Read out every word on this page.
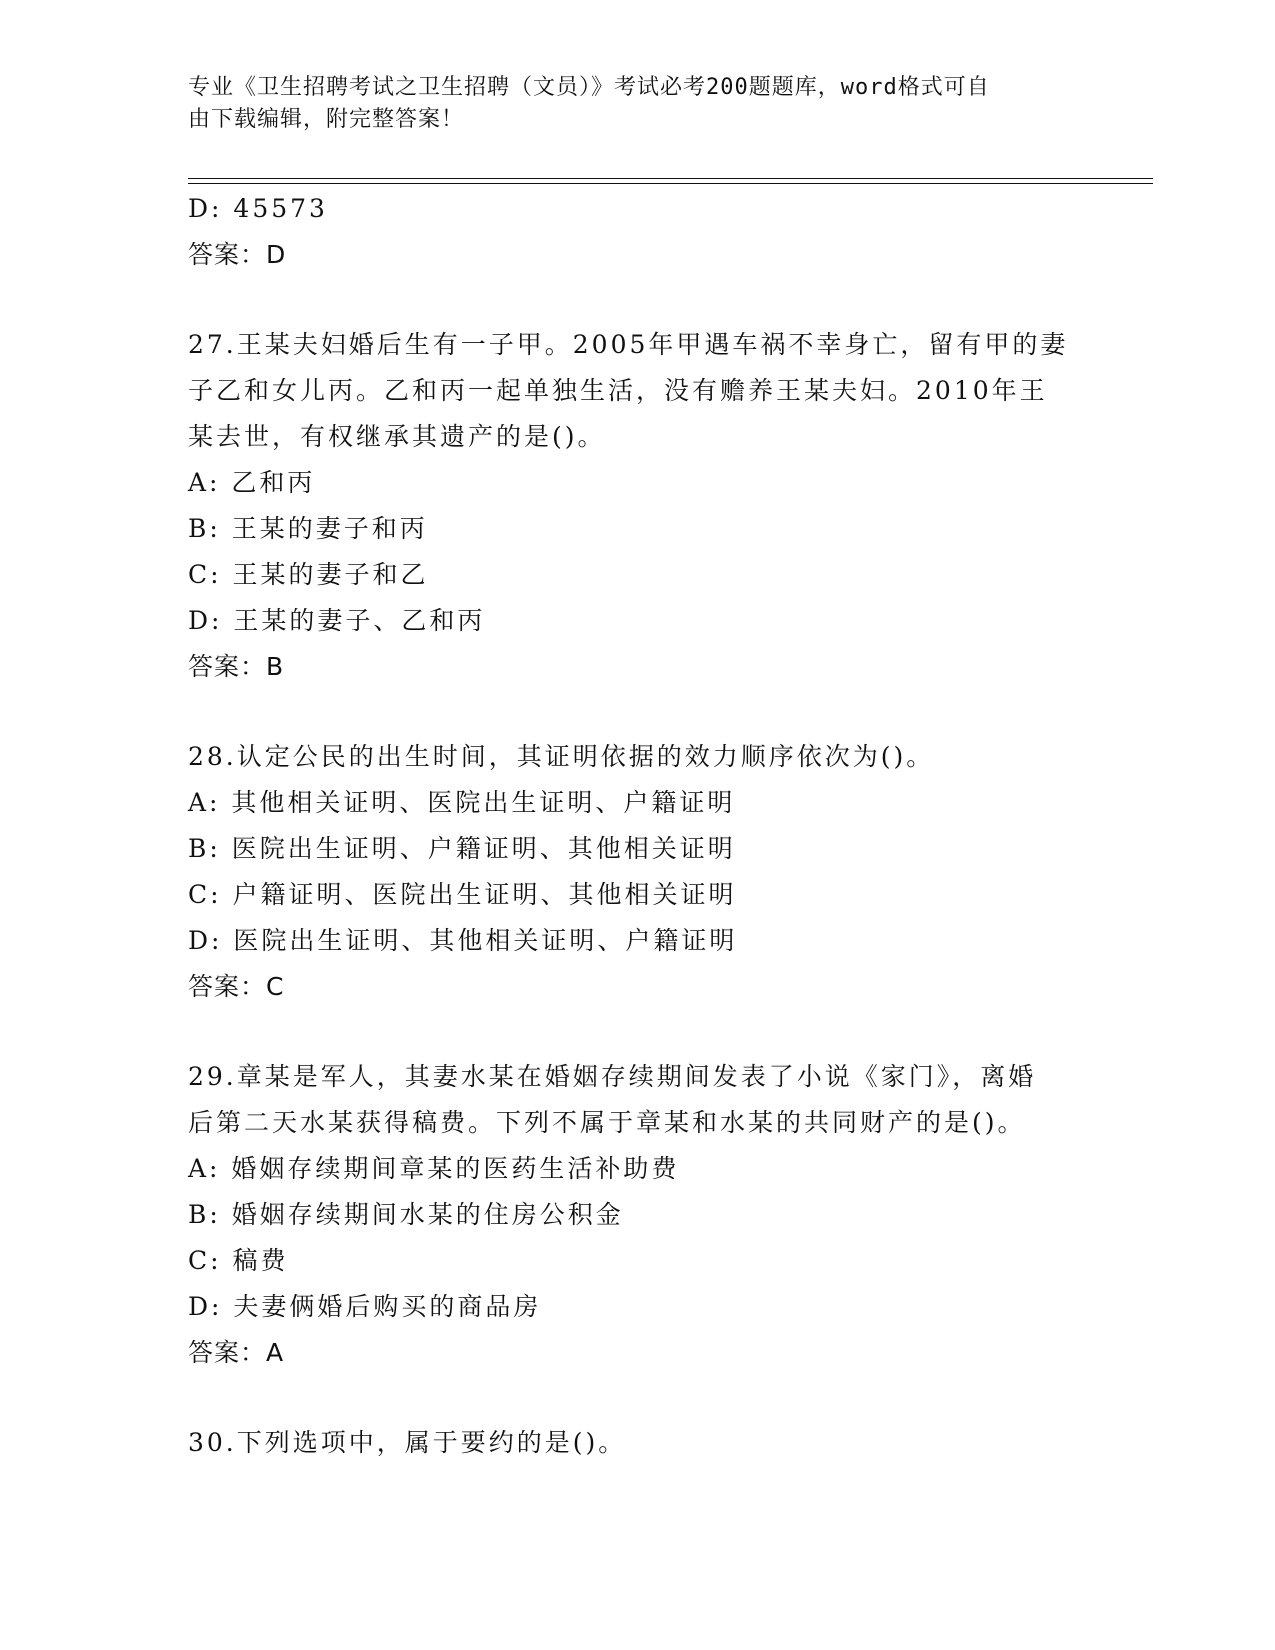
专业《卫生招聘考试之卫生招聘（文员）》考试必考200题题库，word格式可自
由下载编辑，附完整答案！
D: 45573
答案：D
27.王某夫妇婚后生有一子甲。2005年甲遇车祸不幸身亡，留有甲的妻
子乙和女儿丙。乙和丙一起单独生活，没有赡养王某夫妇。2010年王
某去世，有权继承其遗产的是()。
A: 乙和丙
B: 王某的妻子和丙
C: 王某的妻子和乙
D: 王某的妻子、乙和丙
答案：B
28.认定公民的出生时间，其证明依据的效力顺序依次为()。
A: 其他相关证明、医院出生证明、户籍证明
B: 医院出生证明、户籍证明、其他相关证明
C: 户籍证明、医院出生证明、其他相关证明
D: 医院出生证明、其他相关证明、户籍证明
答案：C
29.章某是军人，其妻水某在婚姻存续期间发表了小说《家门》，离婚
后第二天水某获得稿费。下列不属于章某和水某的共同财产的是()。
A: 婚姻存续期间章某的医药生活补助费
B: 婚姻存续期间水某的住房公积金
C: 稿费
D: 夫妻俩婚后购买的商品房
答案：A
30.下列选项中，属于要约的是()。
